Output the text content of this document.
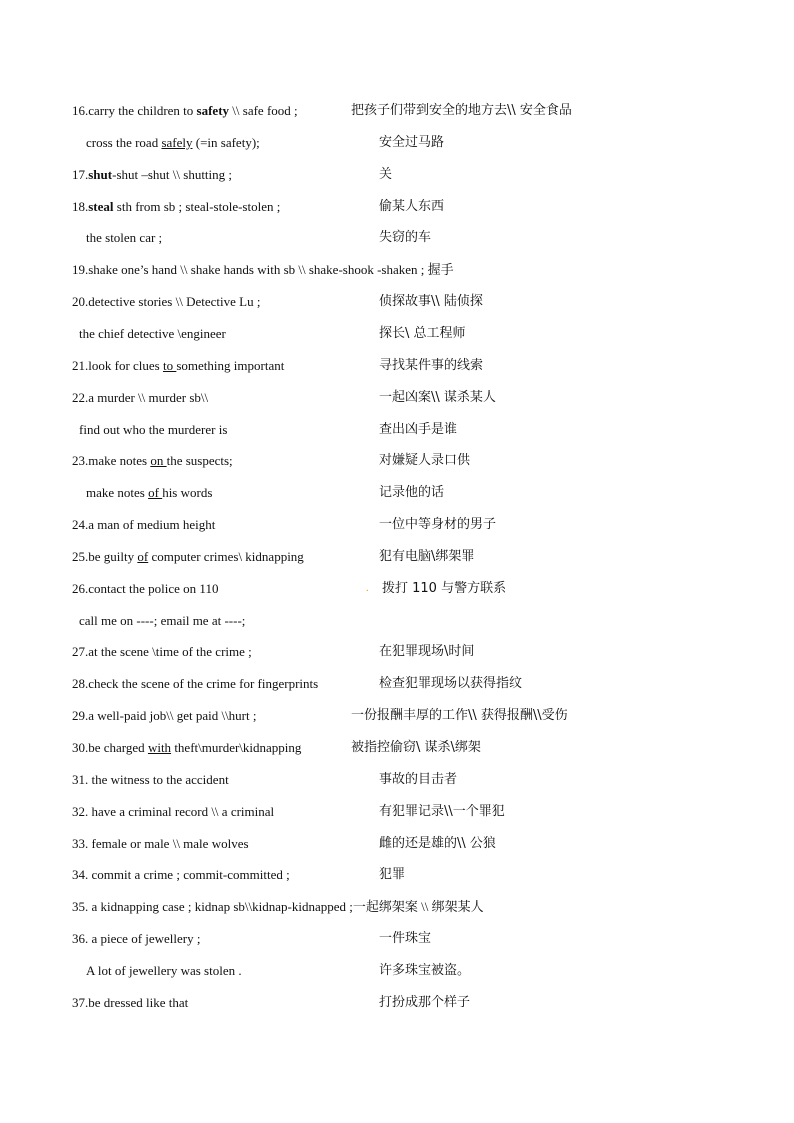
16.carry the children to safety \\ safe food ;	把孩子们带到安全的地方去\\ 安全食品
cross the road safely (=in safety);	安全过马路
17.shut-shut –shut \\ shutting ;	关
18.steal sth from sb ; steal-stole-stolen ;	偷某人东西
the stolen car ;	失窃的车
19.shake one’s hand \\ shake hands with sb \\ shake-shook -shaken ; 握手
20.detective stories \\ Detective Lu ;	侦探故事\\ 陆侦探
the chief detective \engineer	探长\ 总工程师
21.look for clues to something important	寻找某件事的线索
22.a murder \\ murder sb\\	一起凶案\\ 谋杀某人
find out who the murderer is	查出凶手是谁
23.make notes on the suspects;	对嫌疑人录口供
make notes of his words	记录他的话
24.a man of medium height	一位中等身材的男子
25.be guilty of computer crimes\ kidnapping	犯有电脑\绑架罪
26.contact the police on 110	. 拨打 110 与警方联系
call me on ----; email me at ----;
27.at the scene \time of the crime ;	在犯罪现场\时间
28.check the scene of the crime for fingerprints	检查犯罪现场以获得指纹
29.a well-paid job\\ get paid \\hurt ;	一份报酬丰厚的工作\\ 获得报酬\\受伤
30.be charged with theft\murder\kidnapping	被指控偷窃\ 谋杀\绑架
31. the witness to the accident	事故的目击者
32. have a criminal record \\ a criminal	有犯罪记录\\一个罪犯
33. female or male \\ male wolves	雌的还是雄的\\ 公狼
34. commit a crime ; commit-committed ;	犯罪
35. a kidnapping case ; kidnap sb\\kidnap-kidnapped ;一起绑架案 \\ 绑架某人
36. a piece of jewellery ;	一件珠宝
A lot of jewellery was stolen .	许多珠宝被盗。
37.be dressed like that	打扮成那个样子
